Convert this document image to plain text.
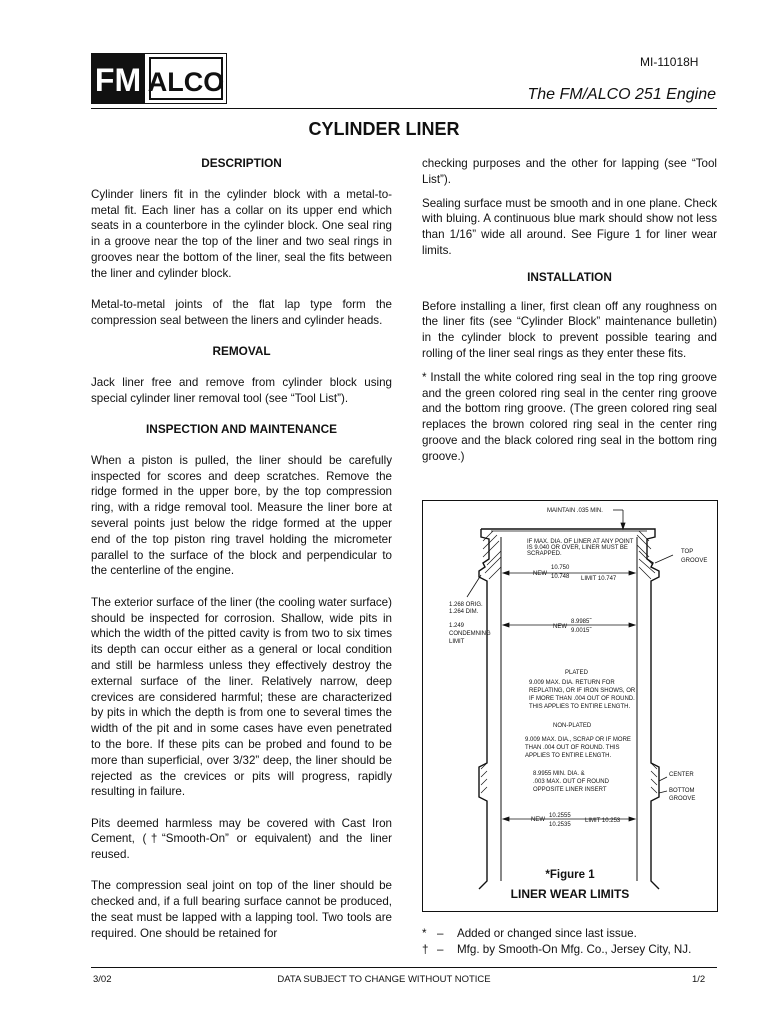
FM ALCO
MI-11018H
The FM/ALCO 251 Engine
CYLINDER LINER
DESCRIPTION

Cylinder liners fit in the cylinder block with a metal-to-metal fit. Each liner has a collar on its upper end which seats in a counterbore in the cylinder block. One seal ring in a groove near the top of the liner and two seal rings in grooves near the bottom of the liner, seal the fits between the liner and cylinder block.

Metal-to-metal joints of the flat lap type form the compression seal between the liners and cylinder heads.

REMOVAL

Jack liner free and remove from cylinder block using special cylinder liner removal tool (see “Tool List”).

INSPECTION AND MAINTENANCE

When a piston is pulled, the liner should be carefully inspected for scores and deep scratches. Remove the ridge formed in the upper bore, by the top compression ring, with a ridge removal tool. Measure the liner bore at several points just below the ridge formed at the upper end of the top piston ring travel holding the micrometer parallel to the surface of the block and perpendicular to the centerline of the engine.

The exterior surface of the liner (the cooling water surface) should be inspected for corrosion. Shallow, wide pits in which the width of the pitted cavity is from two to six times its depth can occur either as a general or local condition and still be harmless unless they effectively destroy the external surface of the liner. Relatively narrow, deep crevices are considered harmful; these are characterized by pits in which the depth is from one to several times the width of the pit and in some cases have even penetrated to the bore. If these pits can be probed and found to be more than superficial, over 3/32” deep, the liner should be rejected as the crevices or pits will progress, rapidly resulting in failure.

Pits deemed harmless may be covered with Cast Iron Cement, (†“Smooth-On” or equivalent) and the liner reused.

The compression seal joint on top of the liner should be checked and, if a full bearing surface cannot be produced, the seat must be lapped with a lapping tool. Two tools are required. One should be retained for

checking purposes and the other for lapping (see “Tool List”).

Sealing surface must be smooth and in one plane. Check with bluing. A continuous blue mark should show not less than 1/16” wide all around. See Figure 1 for liner wear limits.

INSTALLATION

Before installing a liner, first clean off any roughness on the liner fits (see “Cylinder Block” maintenance bulletin) in the cylinder block to prevent possible tearing and rolling of the liner seal rings as they enter these fits.

* Install the white colored ring seal in the top ring groove and the green colored ring seal in the center ring groove and the bottom ring groove. (The green colored ring seal replaces the brown colored ring seal in the center ring groove and the black colored ring seal in the bottom ring groove.)

MAINTAIN .035 MIN.
IF MAX. DIA. OF LINER AT ANY POINT
IS 9.040 OR OVER, LINER MUST BE
SCRAPPED.	TOP
GROOVE
NEW
10.750
10.748 LIMIT 10.747
1.268 ORIG.
1.264 DIM.
1.249
CONDEMNING
LIMIT
NEW
8.9985˝
9.0015˝
PLATED
9.009 MAX. DIA. RETURN FOR
REPLATING, OR IF IRON SHOWS, OR
IF MORE THAN .004 OUT OF ROUND.
THIS APPLIES TO ENTIRE LENGTH.
NON-PLATED
9.009 MAX. DIA., SCRAP OR IF MORE
THAN .004 OUT OF ROUND. THIS
APPLIES TO ENTIRE LENGTH.
8.9955 MIN. DIA. &
.003 MAX. OUT OF ROUND
OPPOSITE LINER INSERT
CENTER
BOTTOM
GROOVE
NEW
10.2555
10.2535
LIMIT 10.253
*Figure 1
LINER WEAR LIMITS
* –	Added or changed since last issue.
† –	Mfg. by Smooth-On Mfg. Co., Jersey City, NJ.
3/02	DATA SUBJECT TO CHANGE WITHOUT NOTICE	1/2
